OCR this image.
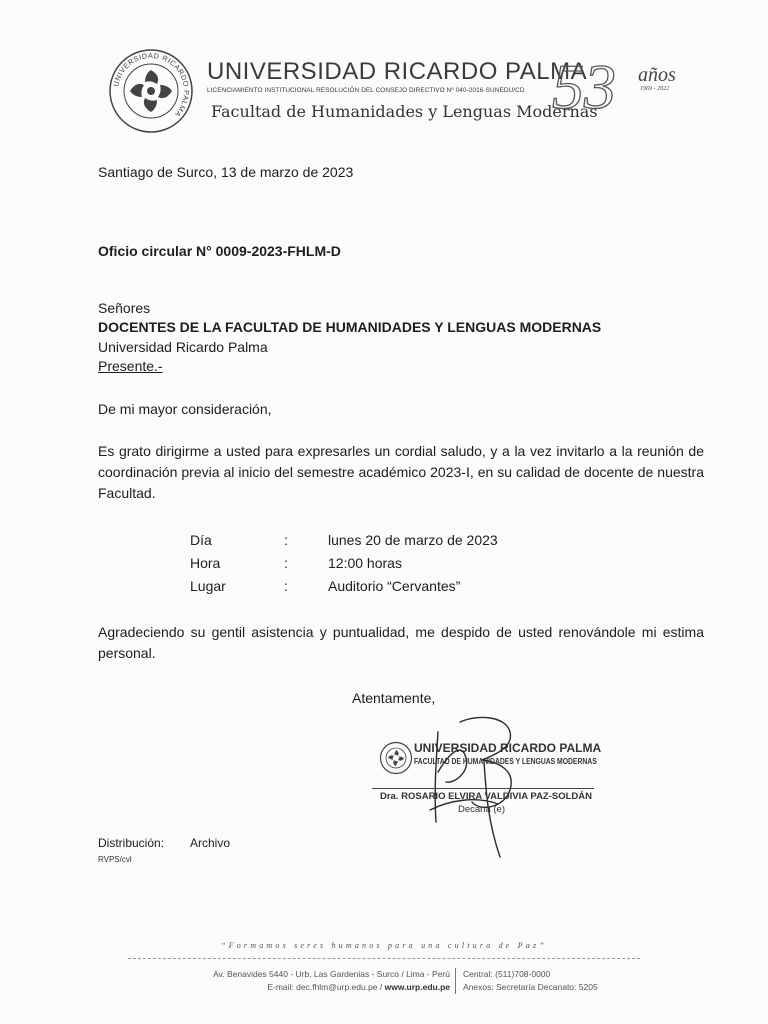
UNIVERSIDAD RICARDO PALMA
UNIVERSIDAD RICARDO PALMA
LICENCIAMIENTO INSTITUCIONAL RESOLUCIÓN DEL CONSEJO DIRECTIVO Nº 040-2016-SUNEDU/CD
Facultad de Humanidades y Lenguas Modernas
53 años
1969 - 2022
Santiago de Surco, 13 de marzo de 2023
Oficio circular N° 0009-2023-FHLM-D
Señores
DOCENTES DE LA FACULTAD DE HUMANIDADES Y LENGUAS MODERNAS
Universidad Ricardo Palma
Presente.-
De mi mayor consideración,
Es grato dirigirme a usted para expresarles un cordial saludo, y a la vez invitarlo a la reunión de coordinación previa al inicio del semestre académico 2023-I, en su calidad de docente de nuestra Facultad.
Día	:	lunes 20 de marzo de 2023
Hora	:	12:00 horas
Lugar	:	Auditorio “Cervantes”
Agradeciendo su gentil asistencia y puntualidad, me despido de usted renovándole mi estima personal.
Atentamente,
UNIVERSIDAD RICARDO PALMA
FACULTAD DE HUMANIDADES Y LENGUAS MODERNAS
Dra. ROSARIO ELVIRA VALDIVIA PAZ-SOLDÁN
Decana (e)
Distribución: Archivo
RVPS/cvl
“Formamos seres humanos para una cultura de Paz”
Av. Benavides 5440 - Urb. Las Gardenias - Surco / Lima - Perú
E-mail: dec.fhlm@urp.edu.pe / www.urp.edu.pe
Central: (511)708-0000
Anexos: Secretaría Decanato: 5205
